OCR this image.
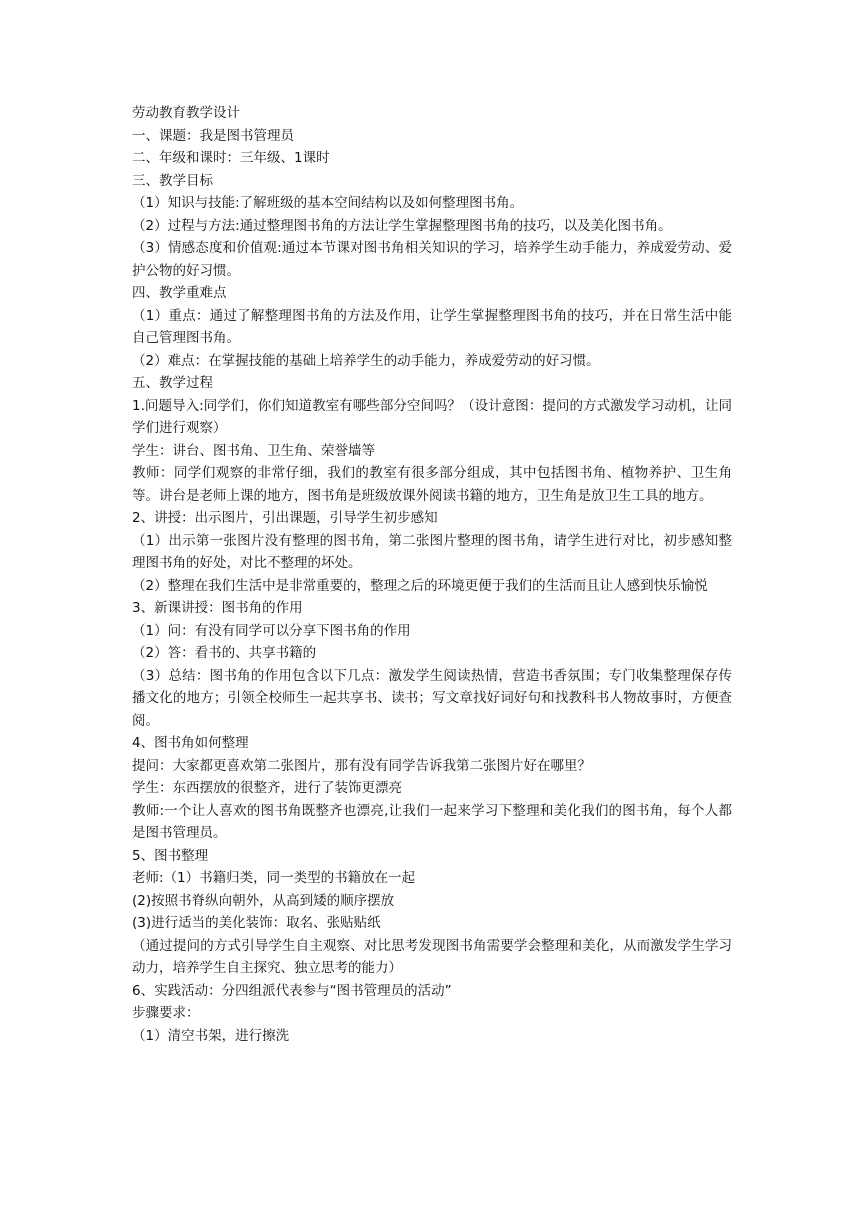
劳动教育教学设计

一、课题：我是图书管理员

二、年级和课时：三年级、1课时

三、教学目标

（1）知识与技能:了解班级的基本空间结构以及如何整理图书角。

（2）过程与方法:通过整理图书角的方法让学生掌握整理图书角的技巧，以及美化图书角。

（3）情感态度和价值观:通过本节课对图书角相关知识的学习，培养学生动手能力，养成爱劳动、爱护公物的好习惯。

四、教学重难点

（1）重点：通过了解整理图书角的方法及作用，让学生掌握整理图书角的技巧，并在日常生活中能自己管理图书角。

（2）难点：在掌握技能的基础上培养学生的动手能力，养成爱劳动的好习惯。

五、教学过程

1.问题导入:同学们，你们知道教室有哪些部分空间吗？（设计意图：提问的方式激发学习动机，让同学们进行观察）

学生：讲台、图书角、卫生角、荣誉墙等

教师：同学们观察的非常仔细，我们的教室有很多部分组成，其中包括图书角、植物养护、卫生角等。讲台是老师上课的地方，图书角是班级放课外阅读书籍的地方，卫生角是放卫生工具的地方。

2、讲授：出示图片，引出课题，引导学生初步感知

（1）出示第一张图片没有整理的图书角，第二张图片整理的图书角，请学生进行对比，初步感知整理图书角的好处，对比不整理的坏处。

（2）整理在我们生活中是非常重要的，整理之后的环境更便于我们的生活而且让人感到快乐愉悦

3、新课讲授：图书角的作用

（1）问：有没有同学可以分享下图书角的作用

（2）答：看书的、共享书籍的

（3）总结：图书角的作用包含以下几点：激发学生阅读热情，营造书香氛围；专门收集整理保存传播文化的地方；引领全校师生一起共享书、读书；写文章找好词好句和找教科书人物故事时，方便查阅。

4、图书角如何整理

提问：大家都更喜欢第二张图片，那有没有同学告诉我第二张图片好在哪里？

学生：东西摆放的很整齐，进行了装饰更漂亮

教师:一个让人喜欢的图书角既整齐也漂亮,让我们一起来学习下整理和美化我们的图书角，每个人都是图书管理员。

5、图书整理

老师:（1）书籍归类，同一类型的书籍放在一起

(2)按照书脊纵向朝外，从高到矮的顺序摆放

(3)进行适当的美化装饰：取名、张贴贴纸

（通过提问的方式引导学生自主观察、对比思考发现图书角需要学会整理和美化，从而激发学生学习动力，培养学生自主探究、独立思考的能力）

6、实践活动：分四组派代表参与“图书管理员的活动”

步骤要求：

（1）清空书架，进行擦洗
